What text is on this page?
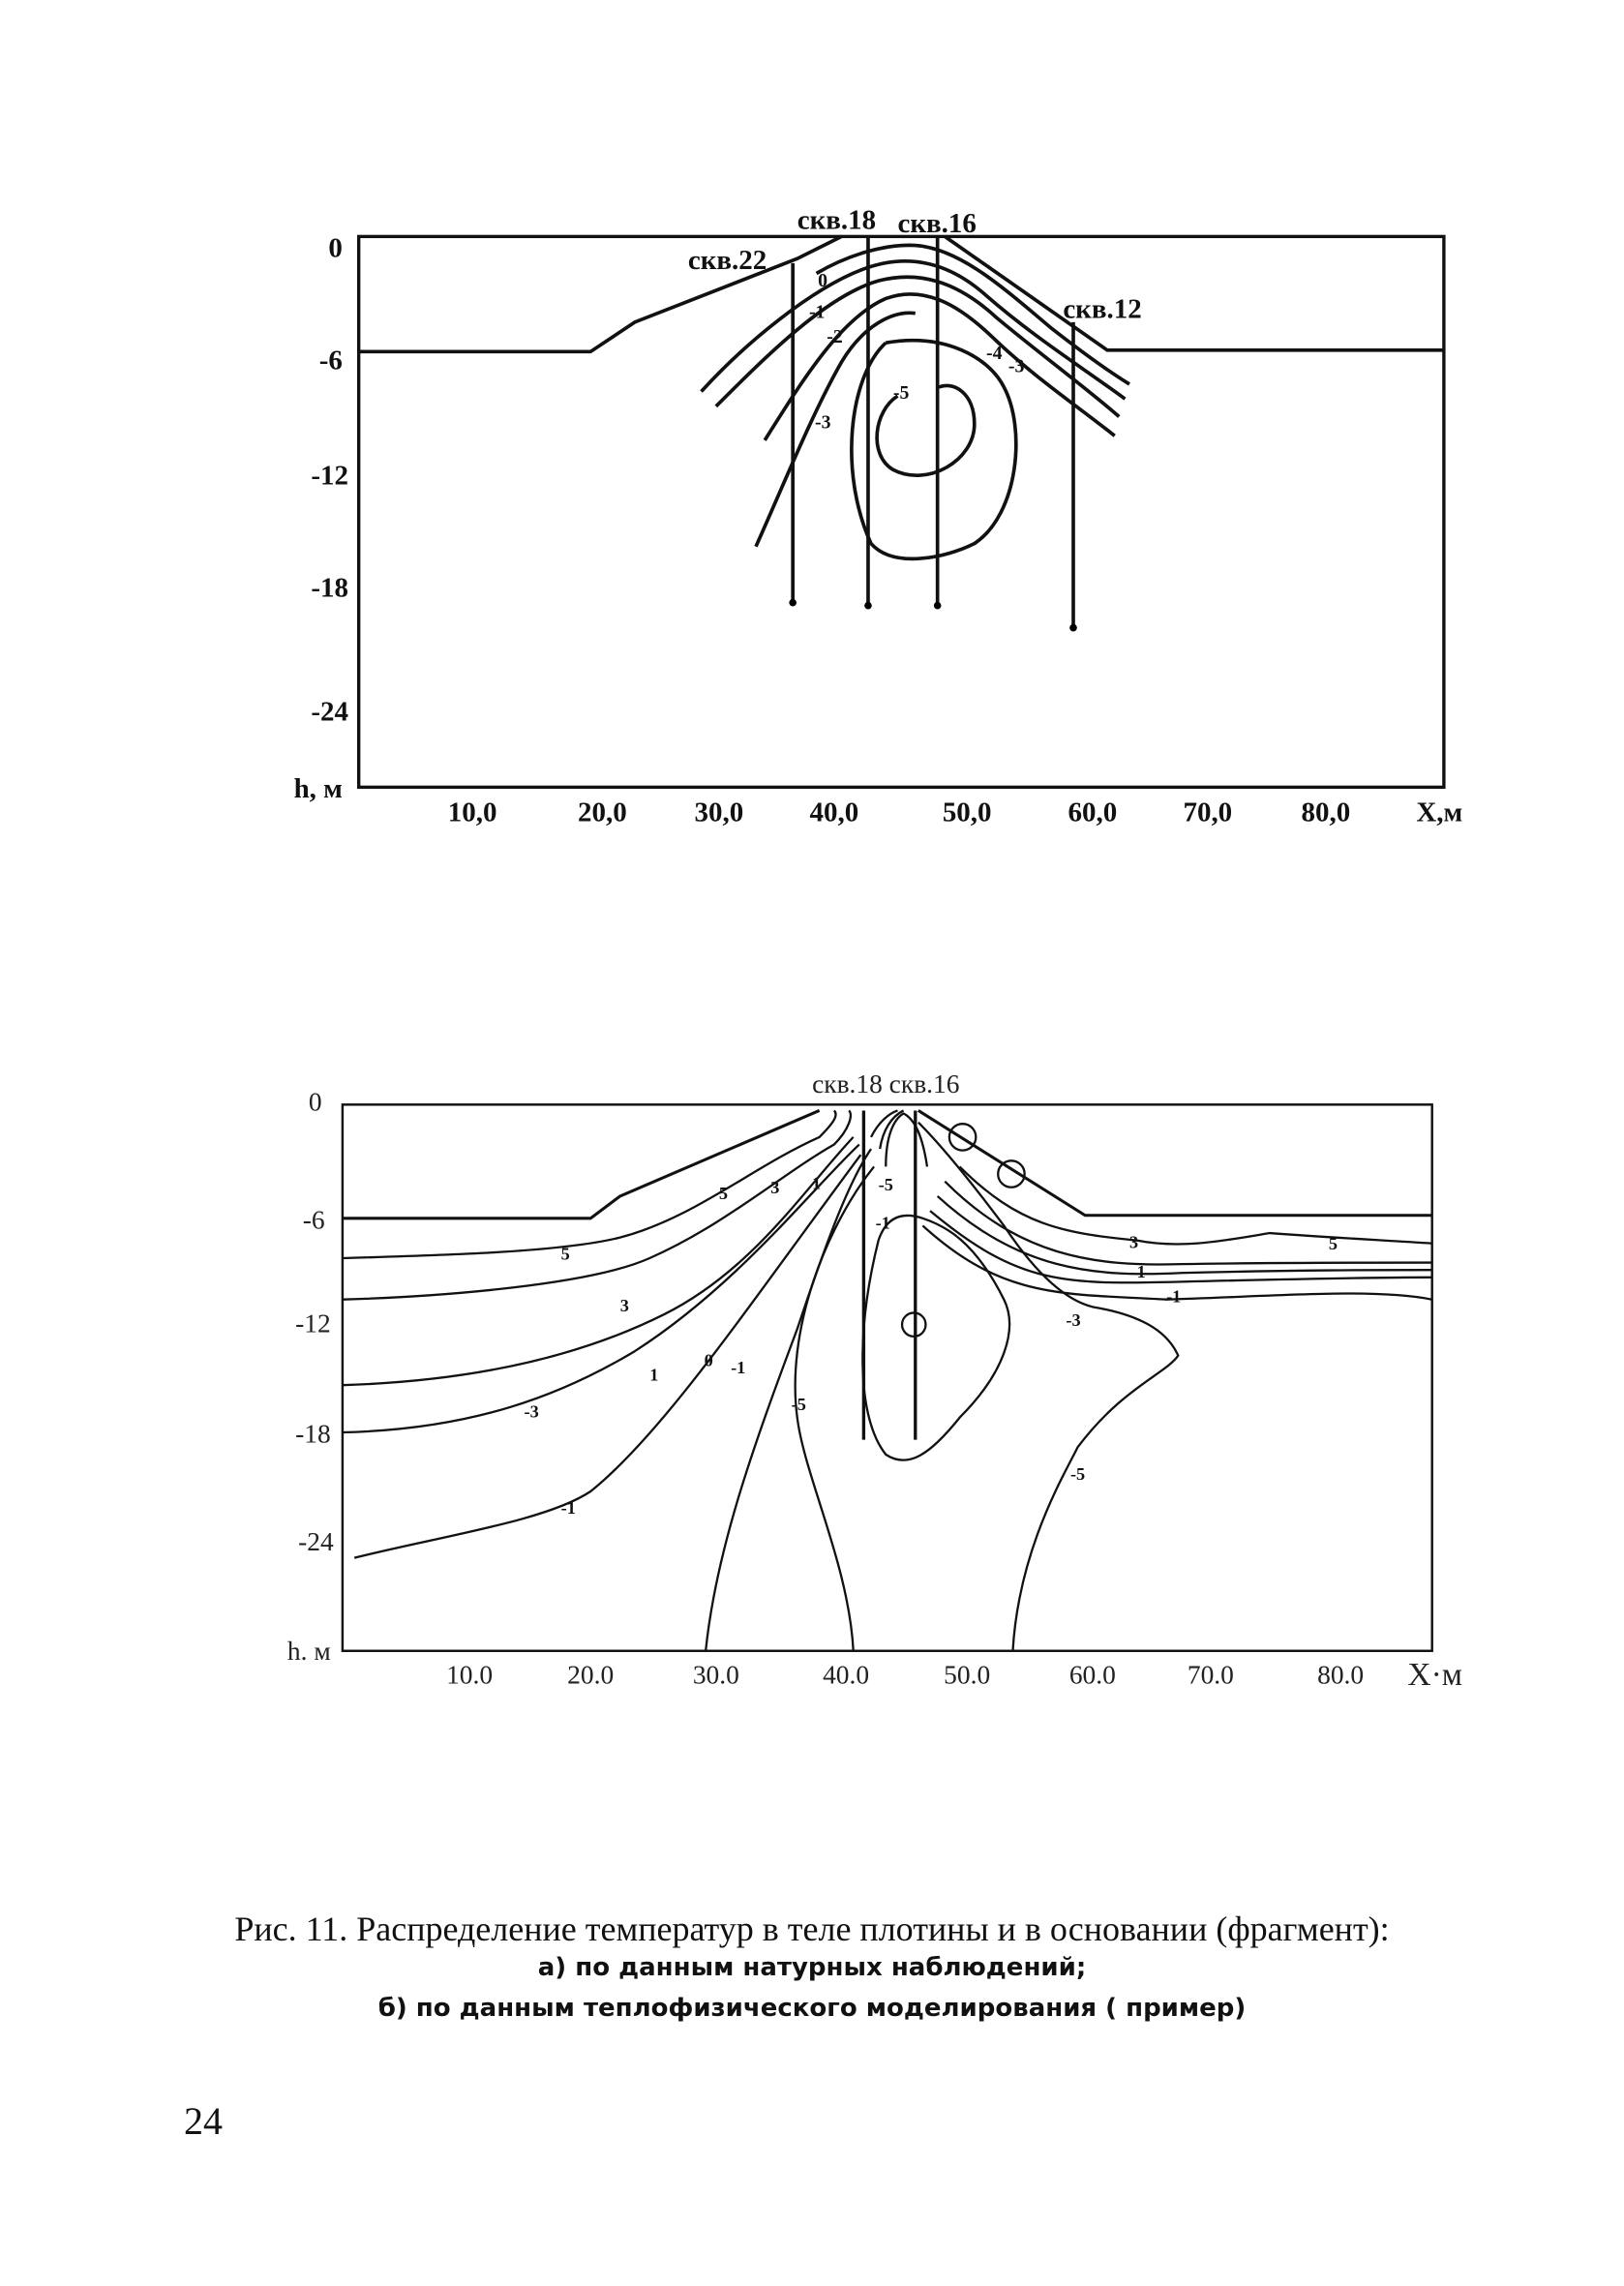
скв.18 скв.16
скв.22
скв.12
0
-1
-2
-3
-5
-4
-3
0
-6
-12
-18
-24
h, м
10,0	20,0	30,0	40,0	50,0	60,0	70,0	80,0	Х,м
скв.18 скв.16
5	3	1	-5
5
3
1
0 -1
-5
-3
-1
3	5
1
-1
-3
-5
-1
0
-6
-12
-18
-24
h. м
10.0	20.0	30.0	40.0	50.0	60.0	70.0	80.0 Х·м
Рис. 11. Распределение температур в теле плотины и в основании (фрагмент):
а) по данным натурных наблюдений;
б) по данным теплофизического моделирования ( пример)
24
